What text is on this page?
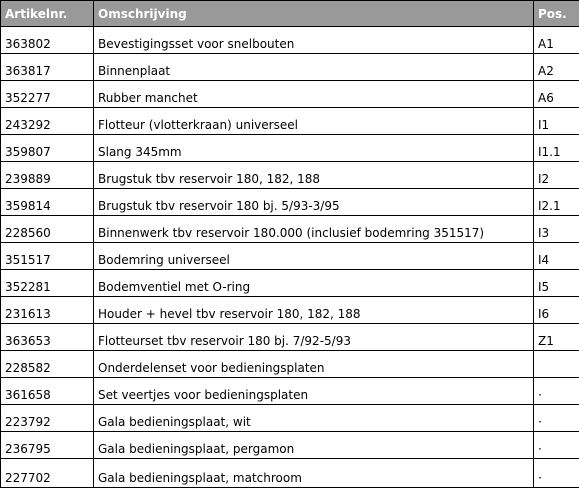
Artikelnr.	Omschrijving	Pos.
363802	Bevestigingsset voor snelbouten	A1
363817	Binnenplaat	A2
352277	Rubber manchet	A6
243292	Flotteur (vlotterkraan) universeel	I1
359807	Slang 345mm	I1.1
239889	Brugstuk tbv reservoir 180, 182, 188	I2
359814	Brugstuk tbv reservoir 180 bj. 5/93-3/95	I2.1
228560	Binnenwerk tbv reservoir 180.000 (inclusief bodemring 351517)	I3
351517	Bodemring universeel	I4
352281	Bodemventiel met O-ring	I5
231613	Houder + hevel tbv reservoir 180, 182, 188	I6
363653	Flotteurset tbv reservoir 180 bj. 7/92-5/93	Z1
228582	Onderdelenset voor bedieningsplaten	
361658	Set veertjes voor bedieningsplaten	·
223792	Gala bedieningsplaat, wit	·
236795	Gala bedieningsplaat, pergamon	·
227702	Gala bedieningsplaat, matchroom	·
